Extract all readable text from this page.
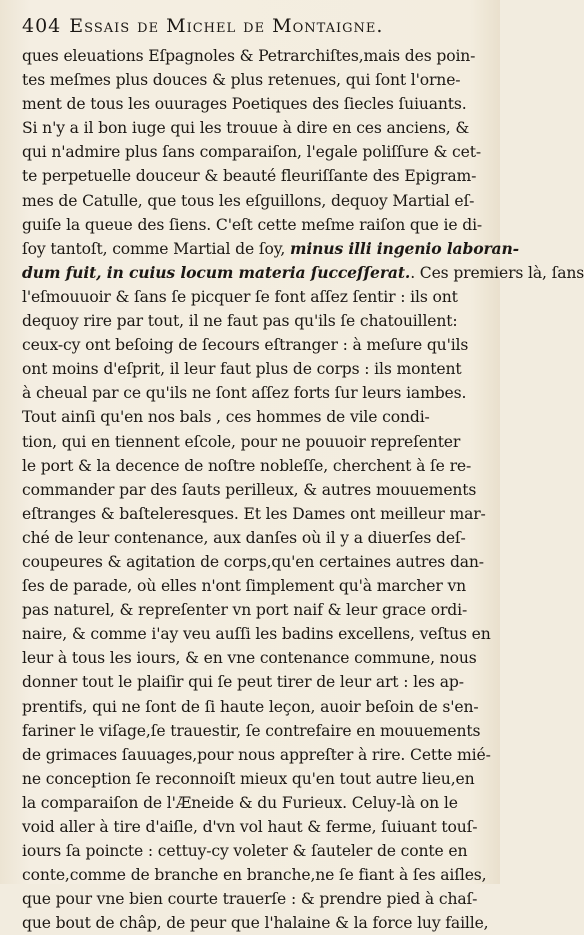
404 Essais de Michel de Montaigne.
ques eleuations Eſpagnoles & Petrarchiſtes,mais des poin-
tes meſmes plus douces & plus retenues, qui ſont l'orne-
ment de tous les ouurages Poetiques des ſiecles ſuiuants.
Si n'y a il bon iuge qui les trouue à dire en ces anciens, &
qui n'admire plus ſans comparaiſon, l'egale poliſſure & cet-
te perpetuelle douceur & beauté fleuriſſante des Epigram-
mes de Catulle, que tous les eſguillons, dequoy Martial eſ-
guiſe la queue des ſiens. C'eſt cette meſme raiſon que ie di-
ſoy tantoſt, comme Martial de ſoy, minus illi ingenio laboran-
dum fuit, in cuius locum materia ſucceſſerat.. Ces premiers là, ſans
l'eſmouuoir & ſans ſe picquer ſe font aſſez ſentir : ils ont
dequoy rire par tout, il ne faut pas qu'ils ſe chatouillent:
ceux-cy ont beſoing de ſecours eſtranger : à meſure qu'ils
ont moins d'eſprit, il leur faut plus de corps : ils montent
à cheual par ce qu'ils ne ſont aſſez forts ſur leurs iambes.
Tout ainſi qu'en nos bals , ces hommes de vile condi-
tion, qui en tiennent eſcole, pour ne pouuoir repreſenter
le port & la decence de noſtre nobleſſe, cherchent à ſe re-
commander par des ſauts perilleux, & autres mouuements
eſtranges & baſteleresques. Et les Dames ont meilleur mar-
ché de leur contenance, aux danſes où il y a diuerſes deſ-
coupeures & agitation de corps,qu'en certaines autres dan-
ſes de parade, où elles n'ont ſimplement qu'à marcher vn
pas naturel, & repreſenter vn port naif & leur grace ordi-
naire, & comme i'ay veu auſſi les badins excellens, veſtus en
leur à tous les iours, & en vne contenance commune, nous
donner tout le plaiſir qui ſe peut tirer de leur art : les ap-
prentifs, qui ne ſont de ſi haute leçon, auoir beſoin de s'en-
fariner le viſage,ſe trauestir, ſe contrefaire en mouuements
de grimaces ſauuages,pour nous appreſter à rire. Cette mié-
ne conception ſe reconnoiſt mieux qu'en tout autre lieu,en
la comparaiſon de l'Æneide & du Furieux. Celuy-là on le
void aller à tire d'aiſle, d'vn vol haut & ferme, ſuiuant touſ-
iours ſa poincte : cettuy-cy voleter & ſauteler de conte en
conte,comme de branche en branche,ne ſe fiant à ſes aiſles,
que pour vne bien courte trauerſe : & prendre pied à chaſ-
que bout de châp, de peur que l'halaine & la force luy faille,
